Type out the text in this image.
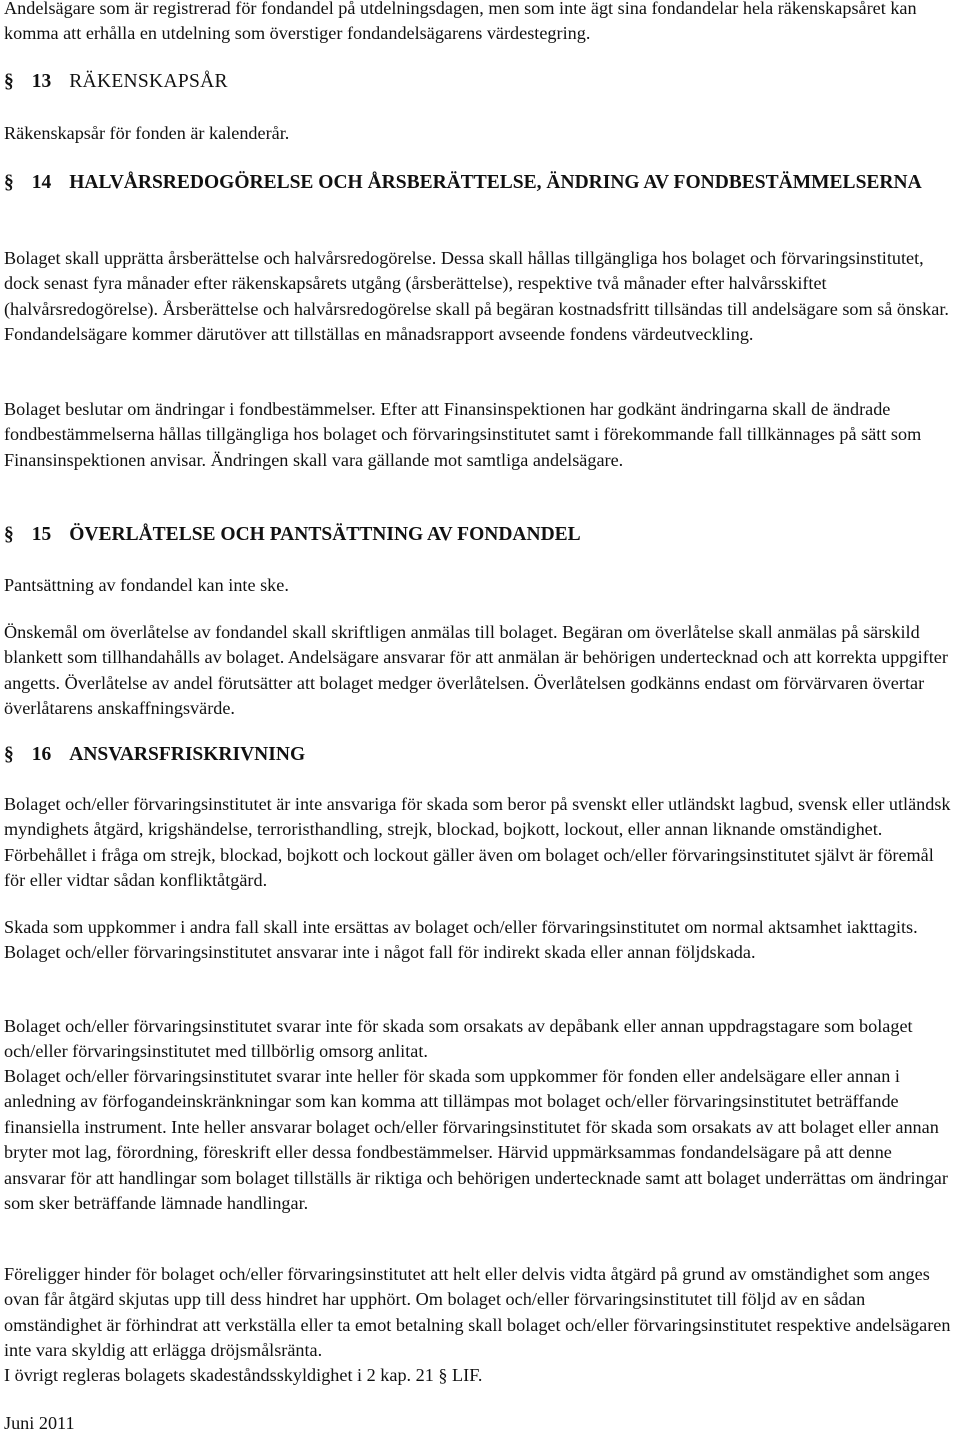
Andelsägare som är registrerad för fondandel på utdelningsdagen, men som inte ägt sina fondandelar hela räkenskapsåret kan komma att erhålla en utdelning som överstiger fondandelsägarens värdestegring.

§ 13 RÄKENSKAPSÅR

Räkenskapsår för fonden är kalenderår.

§ 14 HALVÅRSREDOGÖRELSE OCH ÅRSBERÄTTELSE, ÄNDRING AV FONDBESTÄMMELSERNA

Bolaget skall upprätta årsberättelse och halvårsredogörelse. Dessa skall hållas tillgängliga hos bolaget och förvaringsinstitutet, dock senast fyra månader efter räkenskapsårets utgång (årsberättelse), respektive två månader efter halvårsskiftet (halvårsredogörelse). Årsberättelse och halvårsredogörelse skall på begäran kostnadsfritt tillsändas till andelsägare som så önskar. Fondandelsägare kommer därutöver att tillställas en månadsrapport avseende fondens värdeutveckling.

Bolaget beslutar om ändringar i fondbestämmelser. Efter att Finansinspektionen har godkänt ändringarna skall de ändrade fondbestämmelserna hållas tillgängliga hos bolaget och förvaringsinstitutet samt i förekommande fall tillkännages på sätt som Finansinspektionen anvisar. Ändringen skall vara gällande mot samtliga andelsägare.

§ 15 ÖVERLÅTELSE OCH PANTSÄTTNING AV FONDANDEL

Pantsättning av fondandel kan inte ske.

Önskemål om överlåtelse av fondandel skall skriftligen anmälas till bolaget. Begäran om överlåtelse skall anmälas på särskild blankett som tillhandahålls av bolaget. Andelsägare ansvarar för att anmälan är behörigen undertecknad och att korrekta uppgifter angetts. Överlåtelse av andel förutsätter att bolaget medger överlåtelsen. Överlåtelsen godkänns endast om förvärvaren övertar överlåtarens anskaffningsvärde.

§ 16 ANSVARSFRISKRIVNING

Bolaget och/eller förvaringsinstitutet är inte ansvariga för skada som beror på svenskt eller utländskt lagbud, svensk eller utländsk myndighets åtgärd, krigshändelse, terroristhandling, strejk, blockad, bojkott, lockout, eller annan liknande omständighet. Förbehållet i fråga om strejk, blockad, bojkott och lockout gäller även om bolaget och/eller förvaringsinstitutet självt är föremål för eller vidtar sådan konfliktåtgärd.

Skada som uppkommer i andra fall skall inte ersättas av bolaget och/eller förvaringsinstitutet om normal aktsamhet iakttagits. Bolaget och/eller förvaringsinstitutet ansvarar inte i något fall för indirekt skada eller annan följdskada.

Bolaget och/eller förvaringsinstitutet svarar inte för skada som orsakats av depåbank eller annan uppdragstagare som bolaget och/eller förvaringsinstitutet med tillbörlig omsorg anlitat.

Bolaget och/eller förvaringsinstitutet svarar inte heller för skada som uppkommer för fonden eller andelsägare eller annan i anledning av förfogandeinskränkningar som kan komma att tillämpas mot bolaget och/eller förvaringsinstitutet beträffande finansiella instrument. Inte heller ansvarar bolaget och/eller förvaringsinstitutet för skada som orsakats av att bolaget eller annan bryter mot lag, förordning, föreskrift eller dessa fondbestämmelser. Härvid uppmärksammas fondandelsägare på att denne ansvarar för att handlingar som bolaget tillställs är riktiga och behörigen undertecknade samt att bolaget underrättas om ändringar som sker beträffande lämnade handlingar.

Föreligger hinder för bolaget och/eller förvaringsinstitutet att helt eller delvis vidta åtgärd på grund av omständighet som anges ovan får åtgärd skjutas upp till dess hindret har upphört. Om bolaget och/eller förvaringsinstitutet till följd av en sådan omständighet är förhindrat att verkställa eller ta emot betalning skall bolaget och/eller förvaringsinstitutet respektive andelsägaren inte vara skyldig att erlägga dröjsmålsränta.

I övrigt regleras bolagets skadeståndsskyldighet i 2 kap. 21 § LIF.

Juni 2011
